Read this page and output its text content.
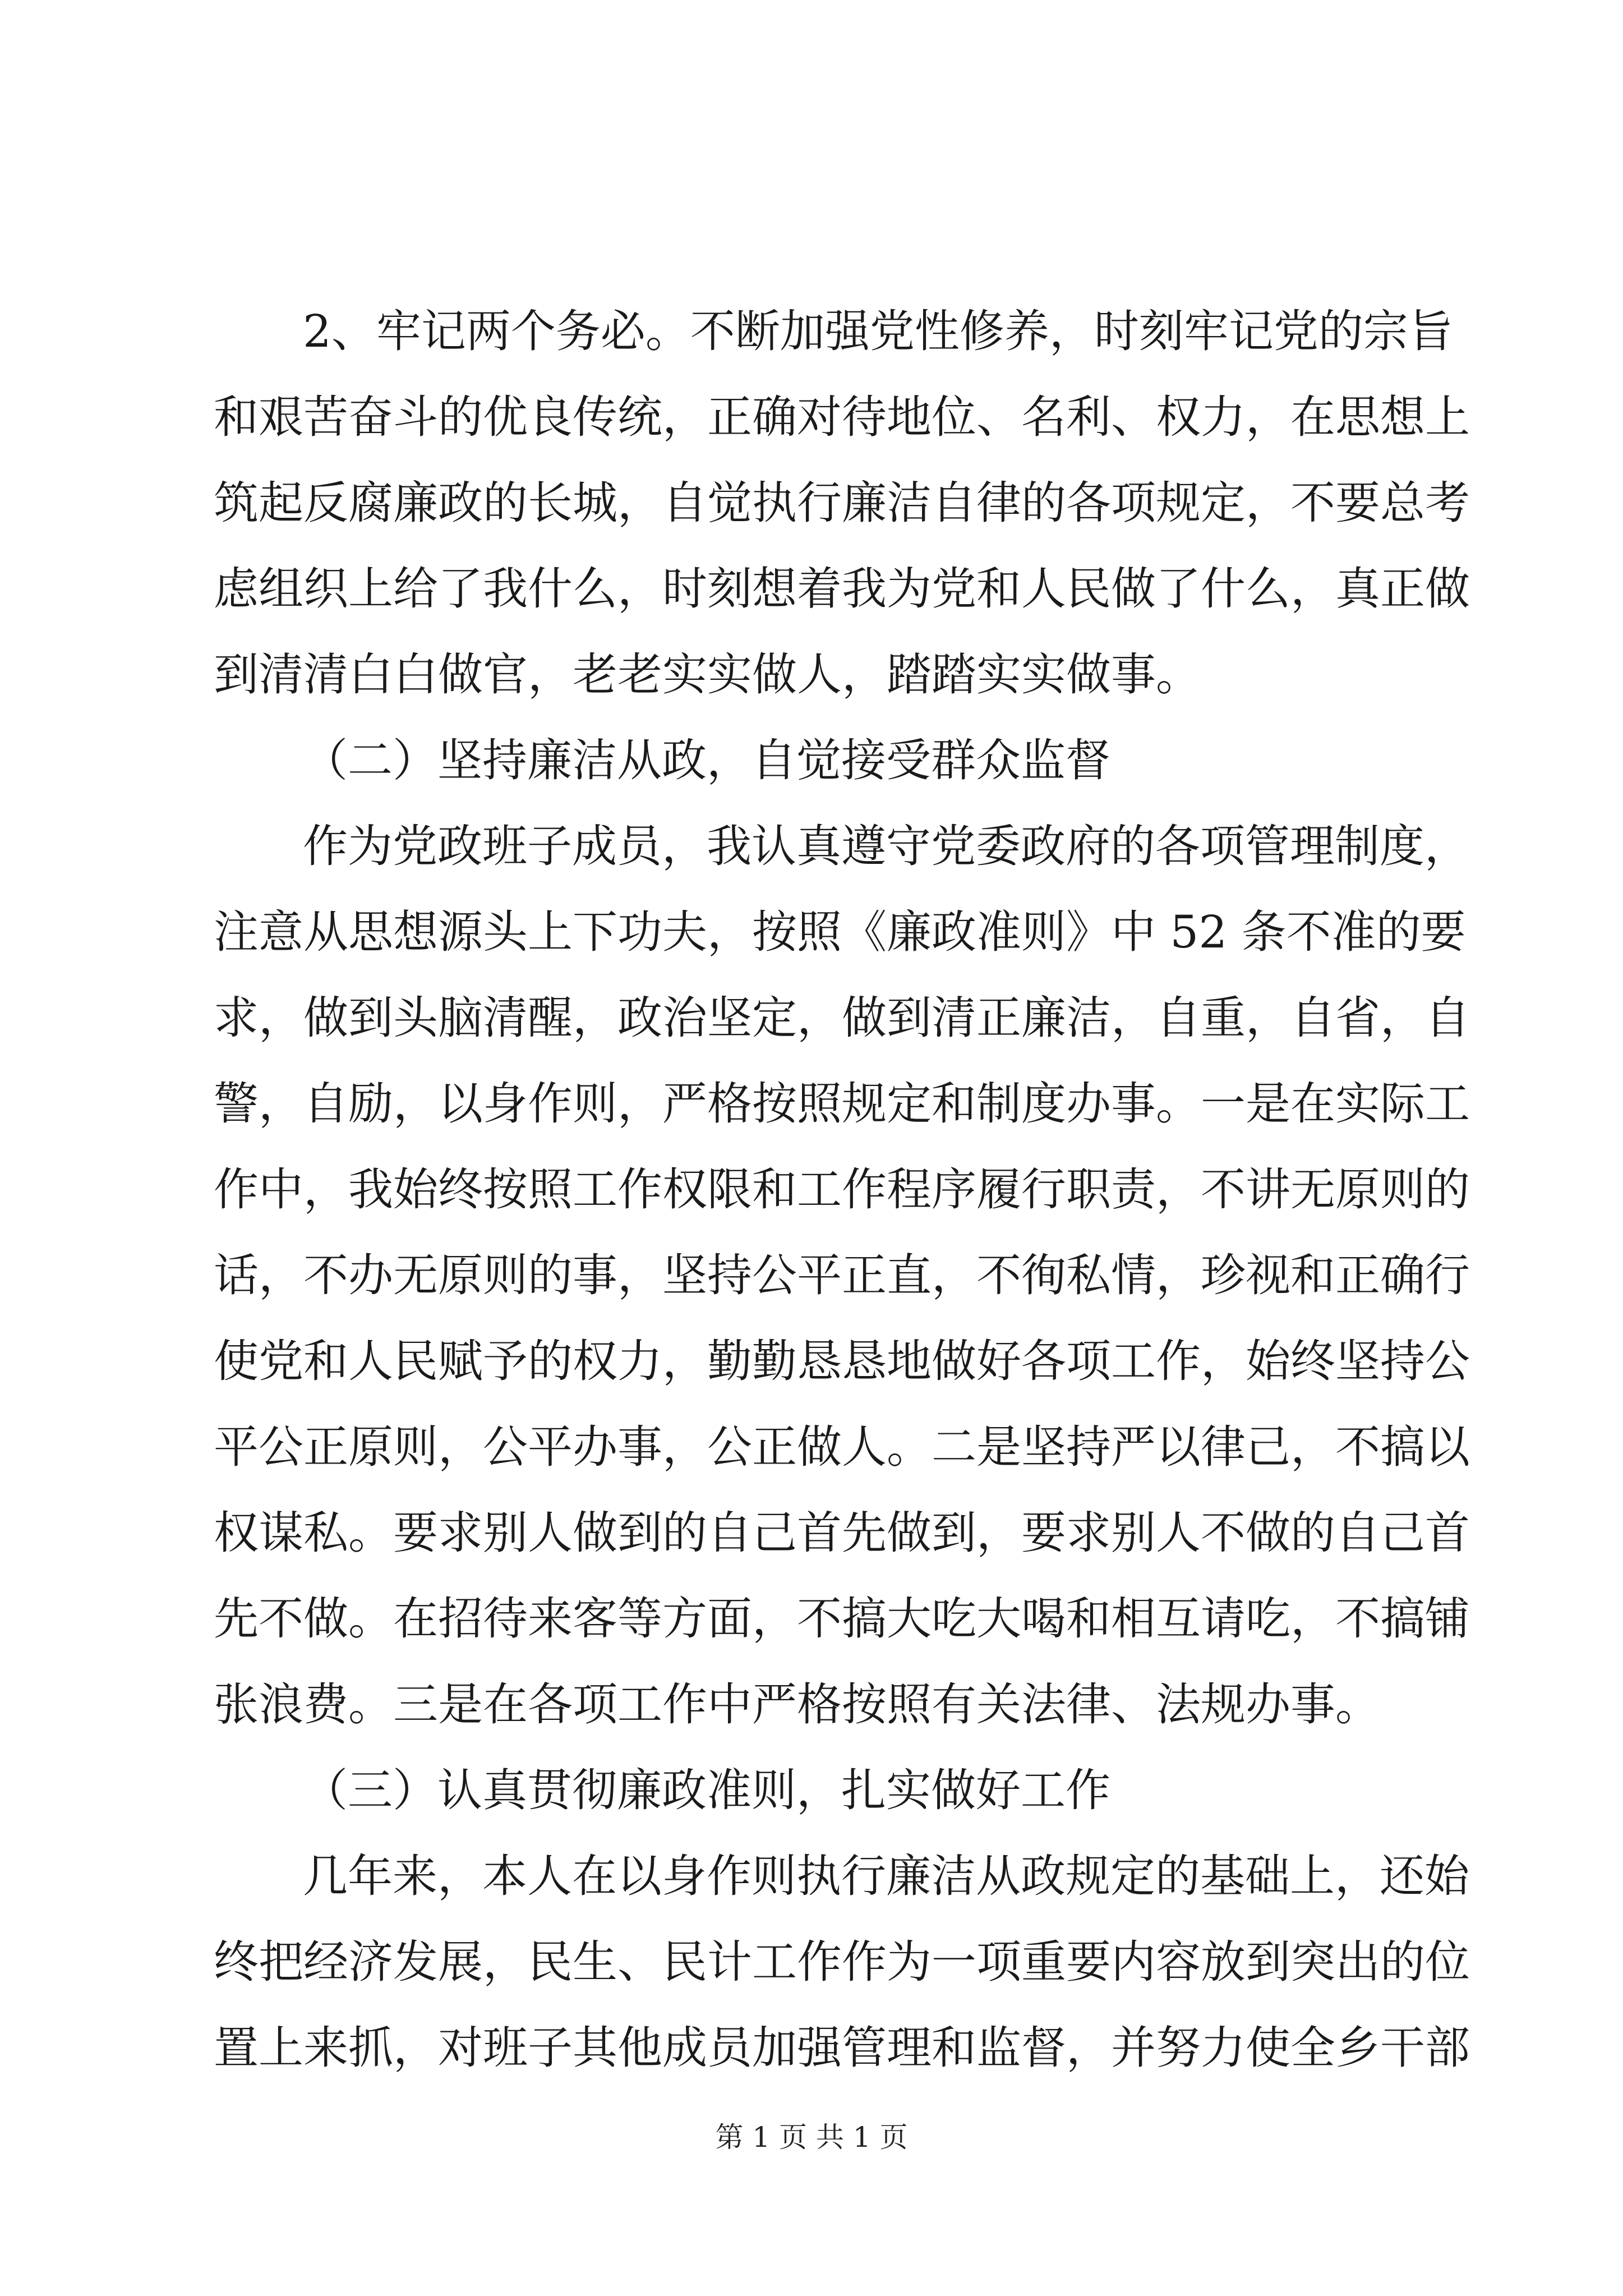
2、牢记两个务必。不断加强党性修养，时刻牢记党的宗旨
和艰苦奋斗的优良传统，正确对待地位、名利、权力，在思想上
筑起反腐廉政的长城，自觉执行廉洁自律的各项规定，不要总考
虑组织上给了我什么，时刻想着我为党和人民做了什么，真正做
到清清白白做官，老老实实做人，踏踏实实做事。
（二）坚持廉洁从政，自觉接受群众监督
作为党政班子成员，我认真遵守党委政府的各项管理制度，
注意从思想源头上下功夫，按照《廉政准则》中 52 条不准的要
求，做到头脑清醒，政治坚定，做到清正廉洁，自重，自省，自
警，自励，以身作则，严格按照规定和制度办事。一是在实际工
作中，我始终按照工作权限和工作程序履行职责，不讲无原则的
话，不办无原则的事，坚持公平正直，不徇私情，珍视和正确行
使党和人民赋予的权力，勤勤恳恳地做好各项工作，始终坚持公
平公正原则，公平办事，公正做人。二是坚持严以律己，不搞以
权谋私。要求别人做到的自己首先做到，要求别人不做的自己首
先不做。在招待来客等方面，不搞大吃大喝和相互请吃，不搞铺
张浪费。三是在各项工作中严格按照有关法律、法规办事。
（三）认真贯彻廉政准则，扎实做好工作
几年来，本人在以身作则执行廉洁从政规定的基础上，还始
终把经济发展，民生、民计工作作为一项重要内容放到突出的位
置上来抓，对班子其他成员加强管理和监督，并努力使全乡干部
第 1 页 共 1 页
